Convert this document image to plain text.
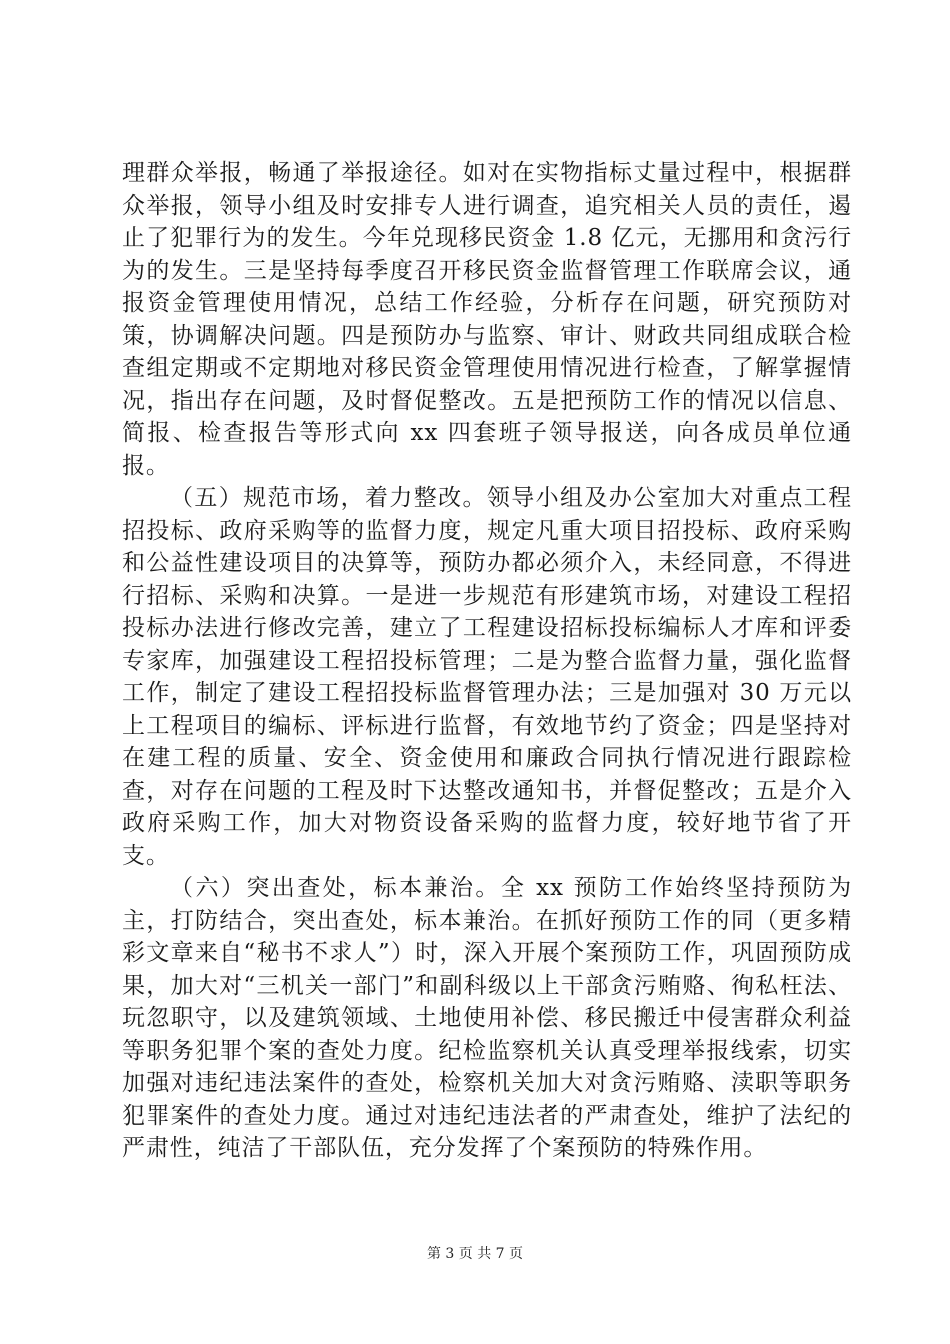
理群众举报，畅通了举报途径。如对在实物指标丈量过程中，根据群众举报，领导小组及时安排专人进行调查，追究相关人员的责任，遏止了犯罪行为的发生。今年兑现移民资金 1.8 亿元，无挪用和贪污行为的发生。三是坚持每季度召开移民资金监督管理工作联席会议，通报资金管理使用情况，总结工作经验，分析存在问题，研究预防对策，协调解决问题。四是预防办与监察、审计、财政共同组成联合检查组定期或不定期地对移民资金管理使用情况进行检查，了解掌握情况，指出存在问题，及时督促整改。五是把预防工作的情况以信息、简报、检查报告等形式向 xx 四套班子领导报送，向各成员单位通报。

（五）规范市场，着力整改。领导小组及办公室加大对重点工程招投标、政府采购等的监督力度，规定凡重大项目招投标、政府采购和公益性建设项目的决算等，预防办都必须介入，未经同意，不得进行招标、采购和决算。一是进一步规范有形建筑市场，对建设工程招投标办法进行修改完善，建立了工程建设招标投标编标人才库和评委专家库，加强建设工程招投标管理；二是为整合监督力量，强化监督工作，制定了建设工程招投标监督管理办法；三是加强对 30 万元以上工程项目的编标、评标进行监督，有效地节约了资金；四是坚持对在建工程的质量、安全、资金使用和廉政合同执行情况进行跟踪检查，对存在问题的工程及时下达整改通知书，并督促整改；五是介入政府采购工作，加大对物资设备采购的监督力度，较好地节省了开支。

（六）突出查处，标本兼治。全 xx 预防工作始终坚持预防为主，打防结合，突出查处，标本兼治。在抓好预防工作的同（更多精彩文章来自“秘书不求人”）时，深入开展个案预防工作，巩固预防成果，加大对“三机关一部门”和副科级以上干部贪污贿赂、徇私枉法、玩忽职守，以及建筑领域、土地使用补偿、移民搬迁中侵害群众利益等职务犯罪个案的查处力度。纪检监察机关认真受理举报线索，切实加强对违纪违法案件的查处，检察机关加大对贪污贿赂、渎职等职务犯罪案件的查处力度。通过对违纪违法者的严肃查处，维护了法纪的严肃性，纯洁了干部队伍，充分发挥了个案预防的特殊作用。

第 3 页 共 7 页
